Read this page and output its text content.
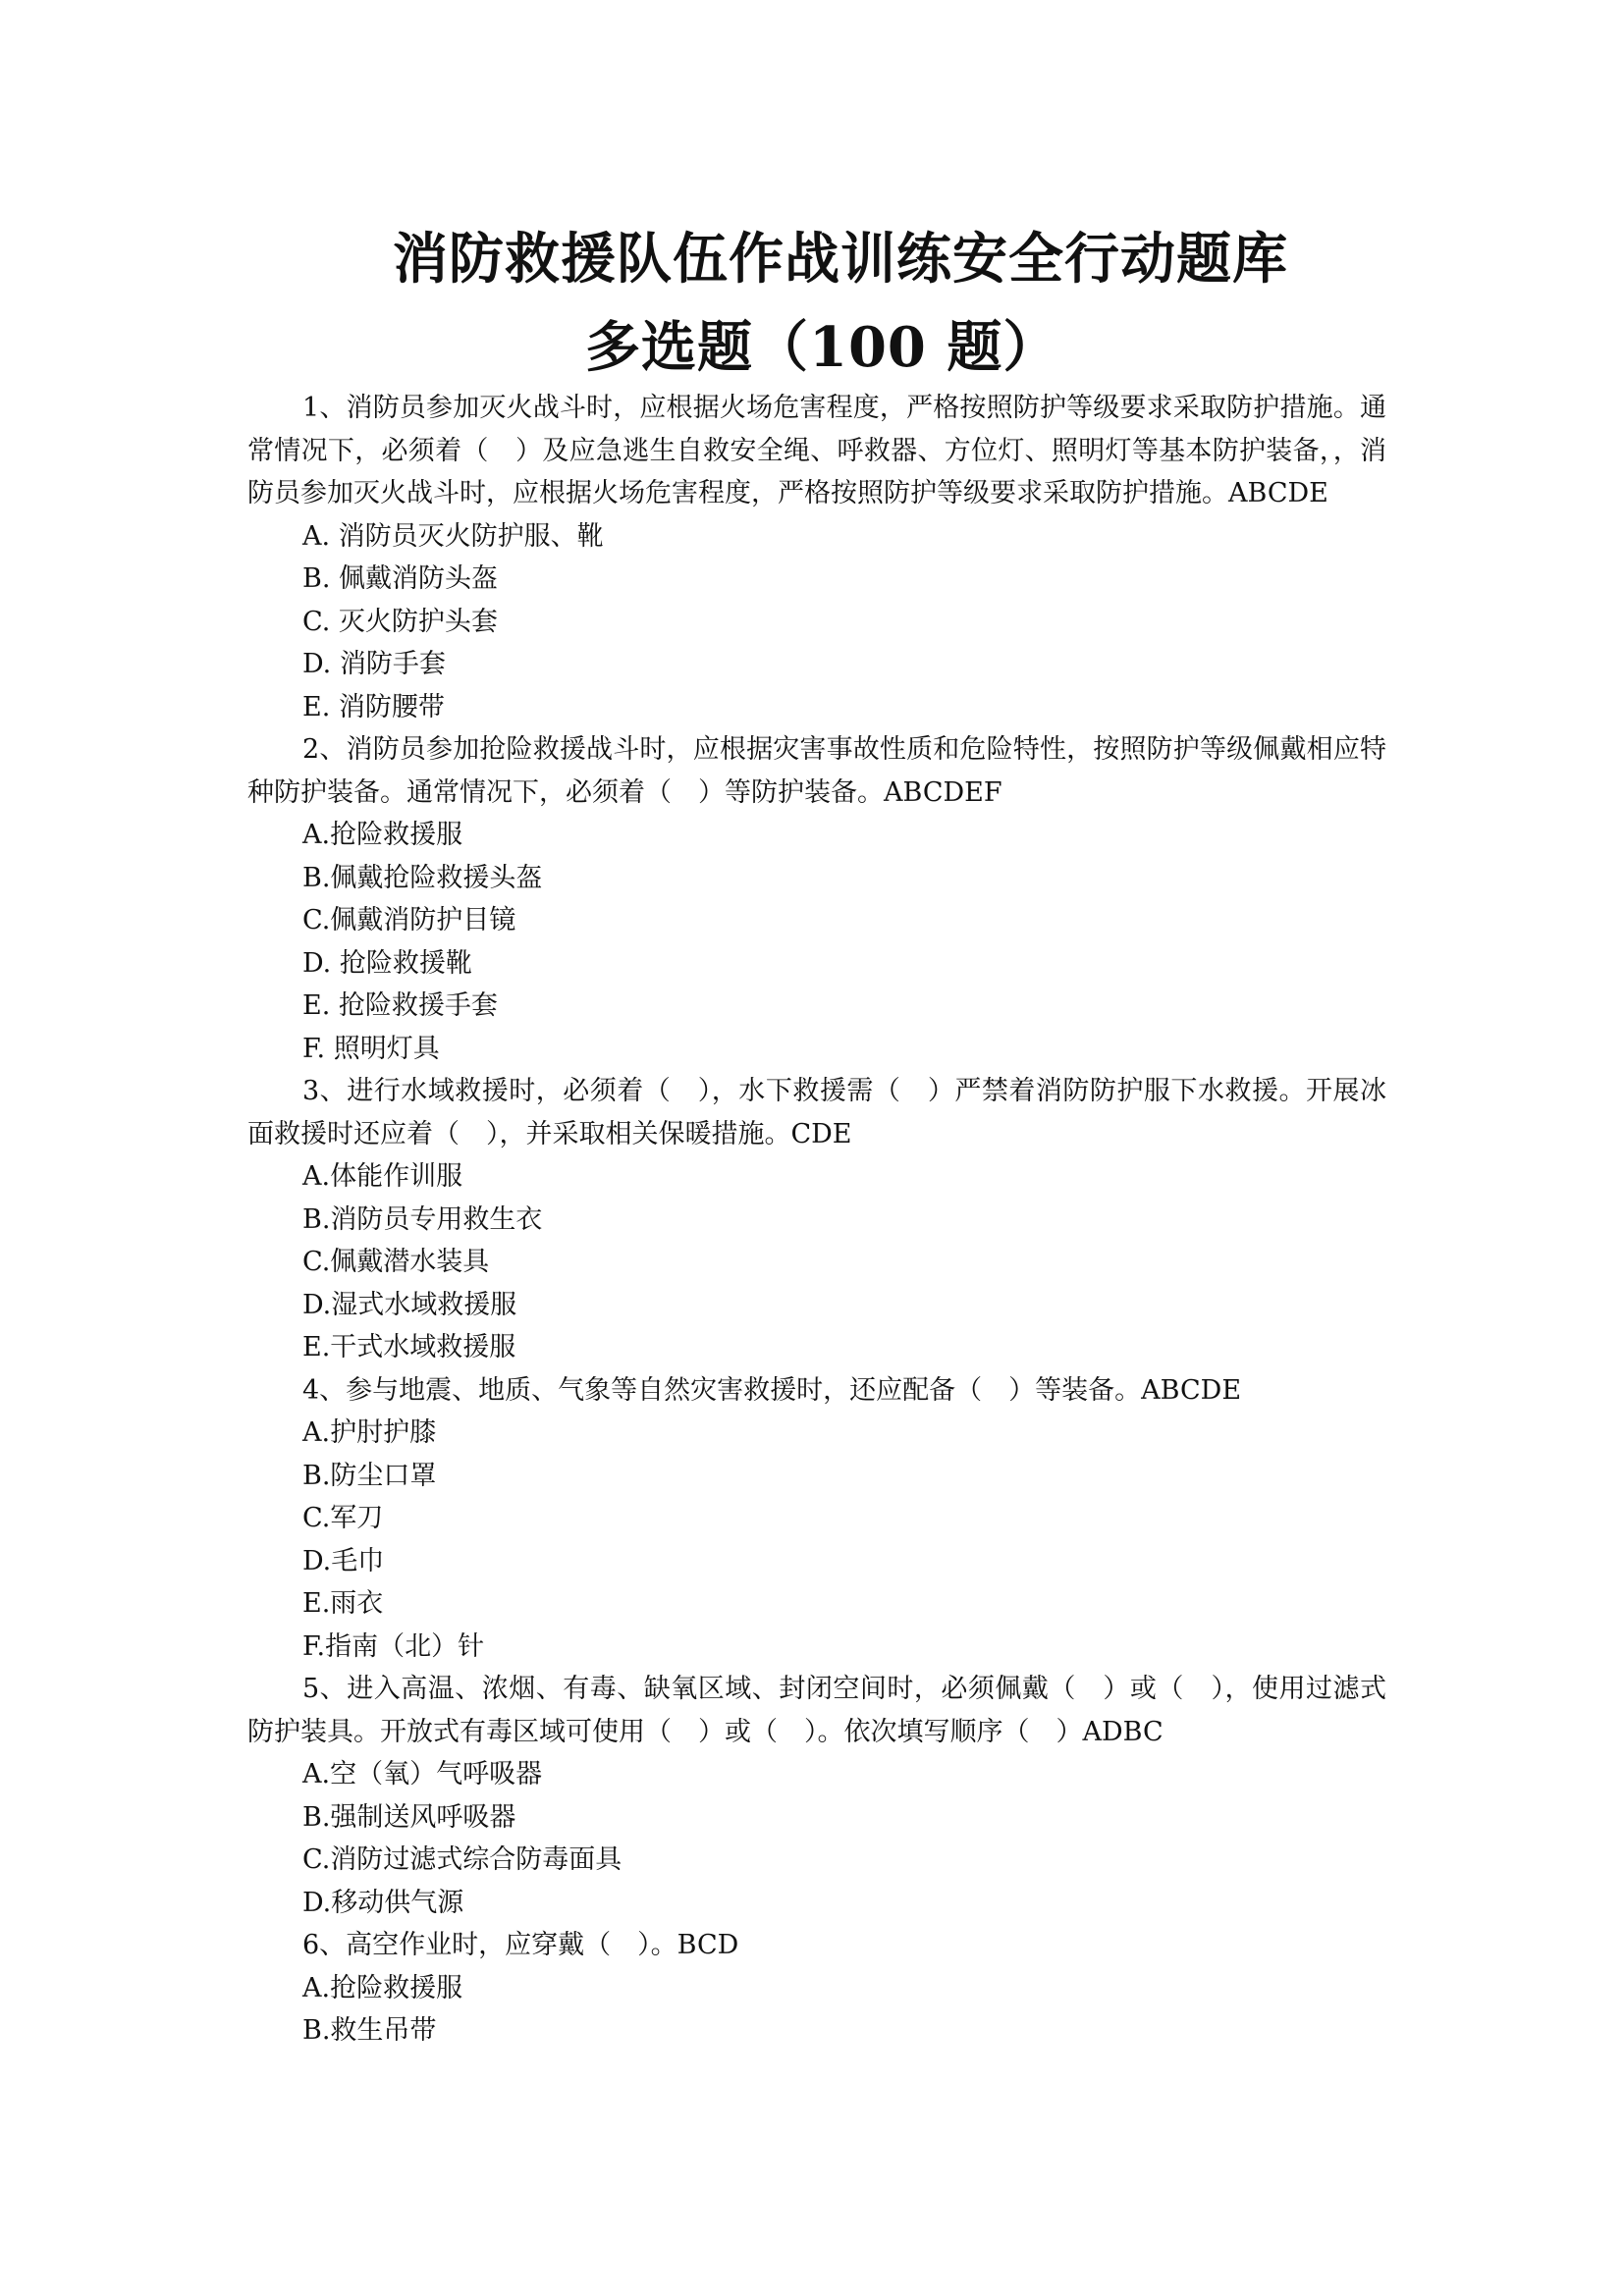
消防救援队伍作战训练安全行动题库
多选题（100 题）

1、消防员参加灭火战斗时，应根据火场危害程度，严格按照防护等级要求采取防护措施。通常情况下，必须着（　）及应急逃生自救安全绳、呼救器、方位灯、照明灯等基本防护装备，，消防员参加灭火战斗时，应根据火场危害程度，严格按照防护等级要求采取防护措施。ABCDE

A. 消防员灭火防护服、靴
B. 佩戴消防头盔
C. 灭火防护头套
D. 消防手套
E. 消防腰带

2、消防员参加抢险救援战斗时，应根据灾害事故性质和危险特性，按照防护等级佩戴相应特种防护装备。通常情况下，必须着（　）等防护装备。ABCDEF

A.抢险救援服
B.佩戴抢险救援头盔
C.佩戴消防护目镜
D. 抢险救援靴
E. 抢险救援手套
F. 照明灯具

3、进行水域救援时，必须着（　），水下救援需（　）严禁着消防防护服下水救援。开展冰面救援时还应着（　），并采取相关保暖措施。CDE

A.体能作训服
B.消防员专用救生衣
C.佩戴潜水装具
D.湿式水域救援服
E.干式水域救援服

4、参与地震、地质、气象等自然灾害救援时，还应配备（　）等装备。ABCDE

A.护肘护膝
B.防尘口罩
C.军刀
D.毛巾
E.雨衣
F.指南（北）针

5、进入高温、浓烟、有毒、缺氧区域、封闭空间时，必须佩戴（　）或（　），使用过滤式防护装具。开放式有毒区域可使用（　）或（　）。依次填写顺序（　）ADBC

A.空（氧）气呼吸器
B.强制送风呼吸器
C.消防过滤式综合防毒面具
D.移动供气源

6、高空作业时，应穿戴（　）。BCD

A.抢险救援服
B.救生吊带
